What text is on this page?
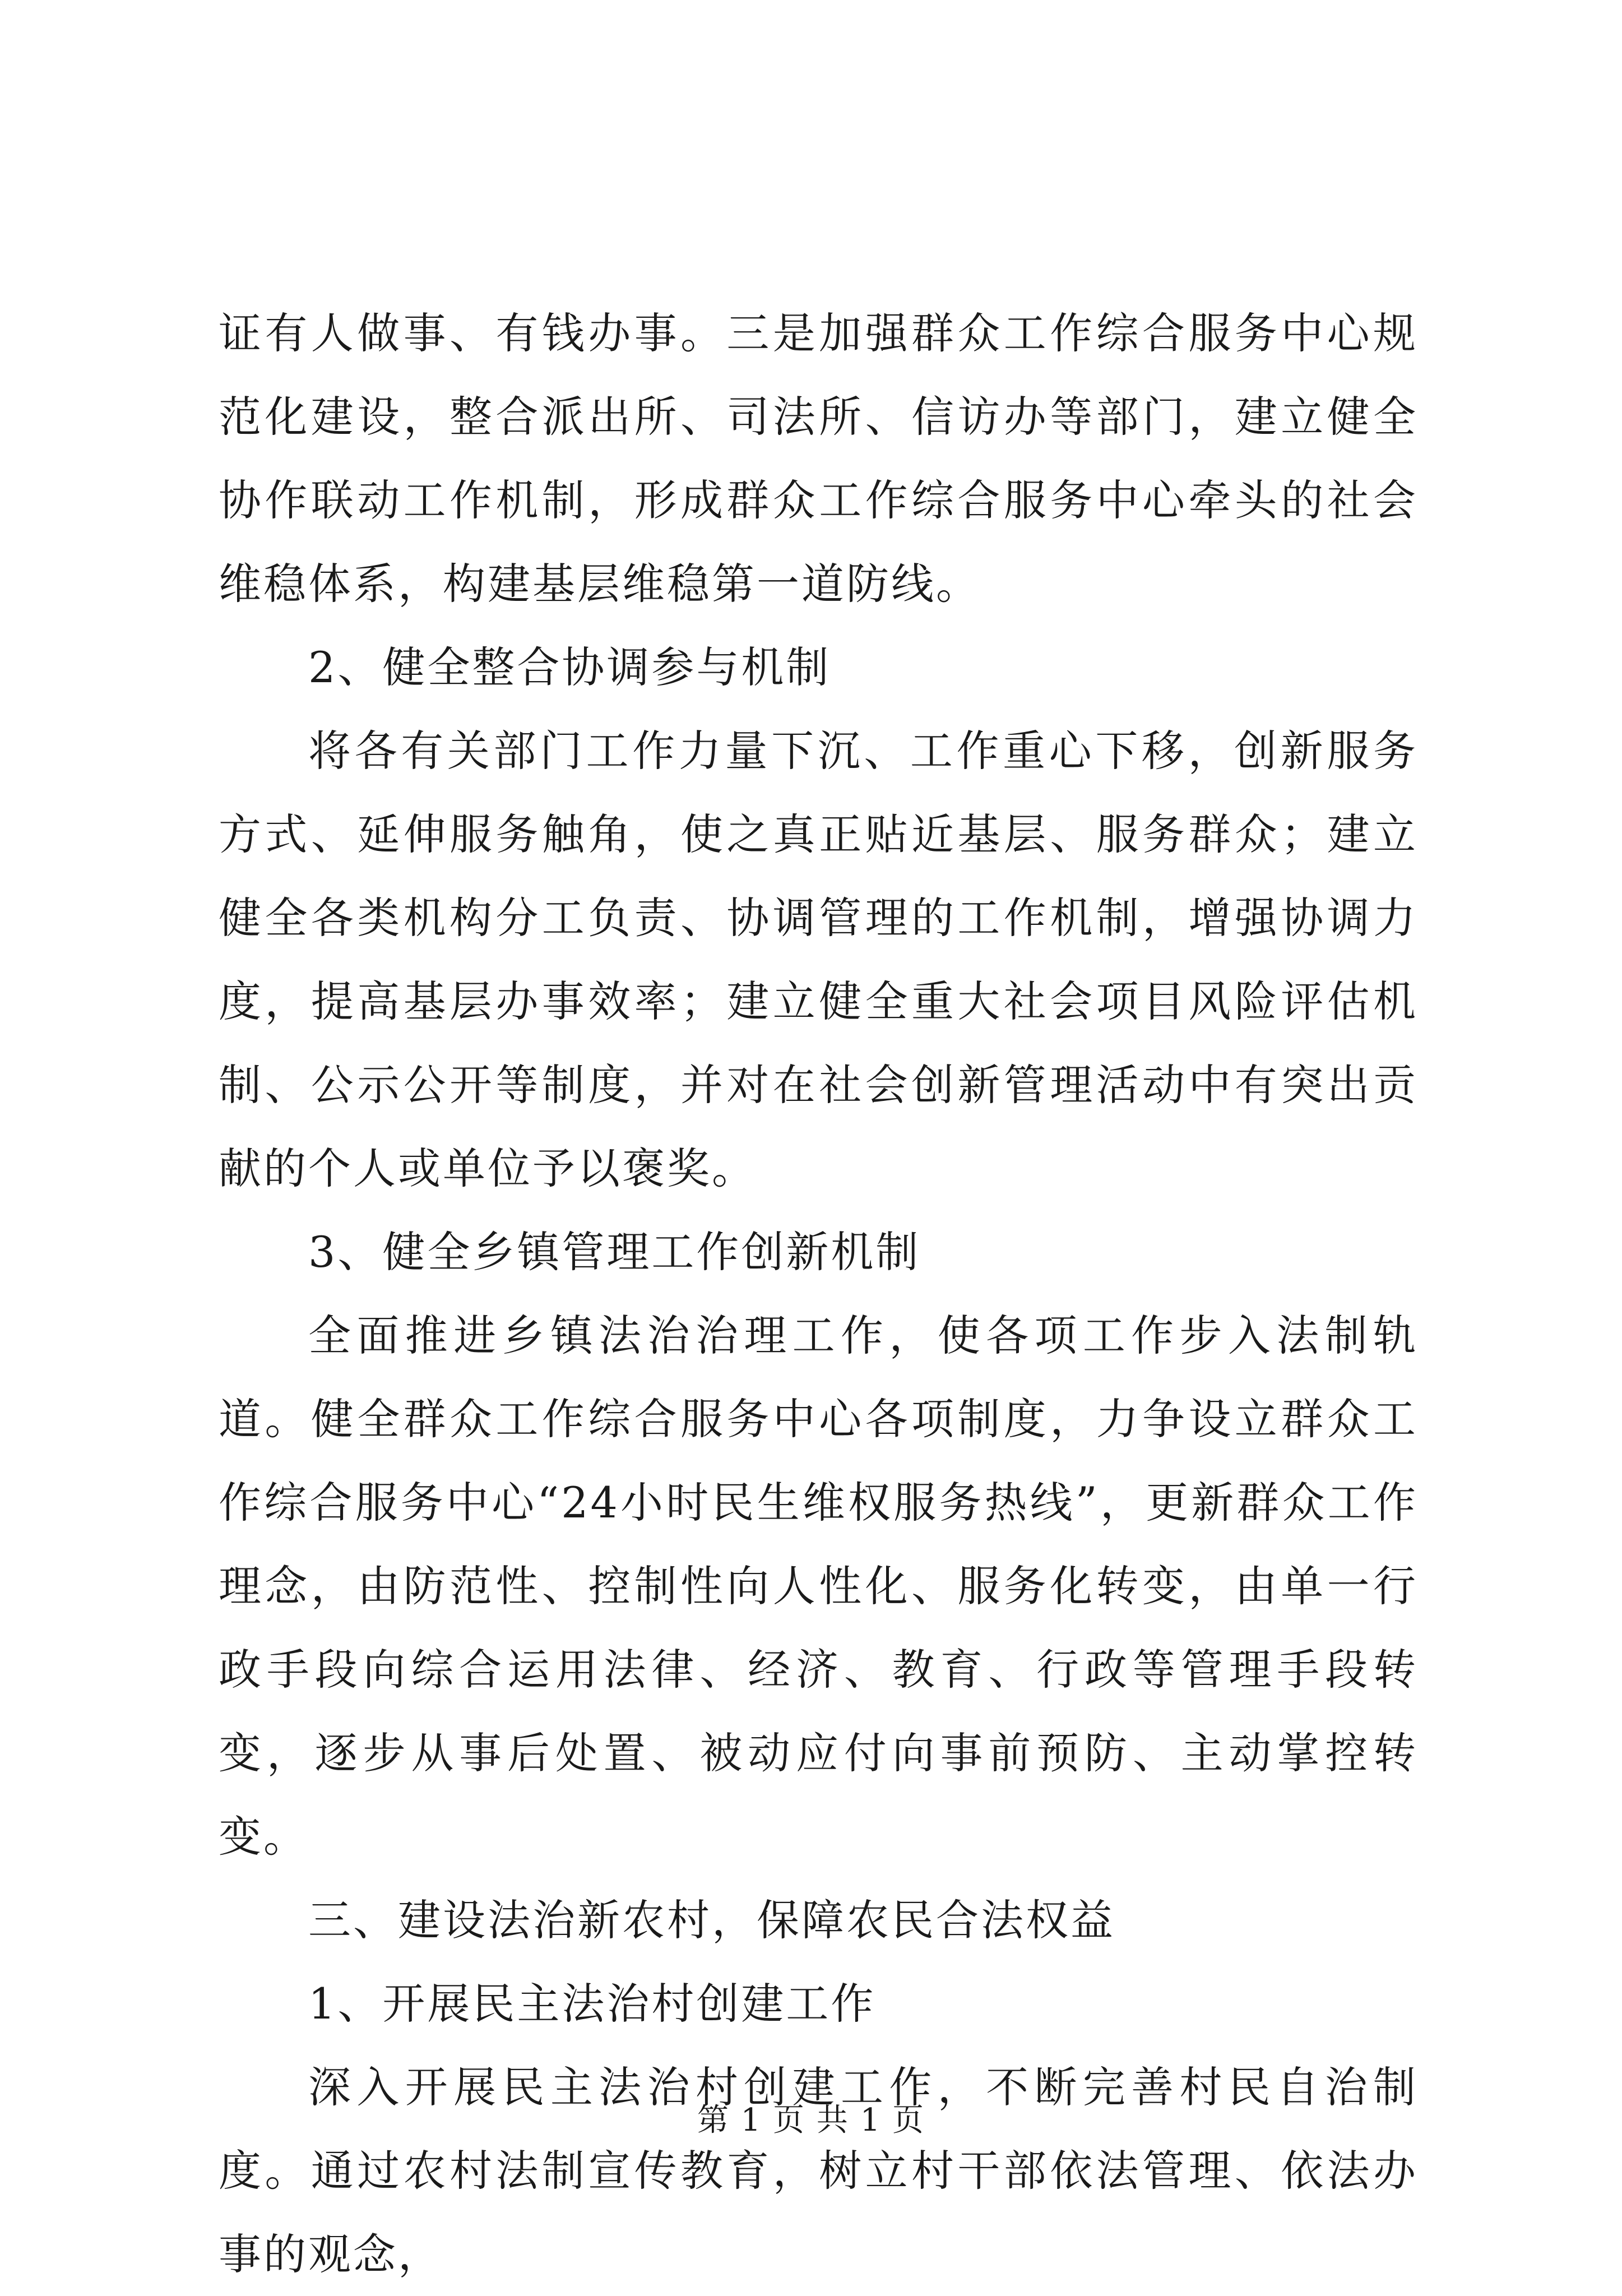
证有人做事、有钱办事。三是加强群众工作综合服务中心规范化建设，整合派出所、司法所、信访办等部门，建立健全协作联动工作机制，形成群众工作综合服务中心牵头的社会维稳体系，构建基层维稳第一道防线。

2、健全整合协调参与机制

将各有关部门工作力量下沉、工作重心下移，创新服务方式、延伸服务触角，使之真正贴近基层、服务群众；建立健全各类机构分工负责、协调管理的工作机制，增强协调力度，提高基层办事效率；建立健全重大社会项目风险评估机制、公示公开等制度，并对在社会创新管理活动中有突出贡献的个人或单位予以褒奖。

3、健全乡镇管理工作创新机制

全面推进乡镇法治治理工作，使各项工作步入法制轨道。健全群众工作综合服务中心各项制度，力争设立群众工作综合服务中心“24小时民生维权服务热线”，更新群众工作理念，由防范性、控制性向人性化、服务化转变，由单一行政手段向综合运用法律、经济、教育、行政等管理手段转变，逐步从事后处置、被动应付向事前预防、主动掌控转变。

三、建设法治新农村，保障农民合法权益

1、开展民主法治村创建工作

深入开展民主法治村创建工作，不断完善村民自治制度。通过农村法制宣传教育，树立村干部依法管理、依法办事的观念，

第 1 页 共 1 页
